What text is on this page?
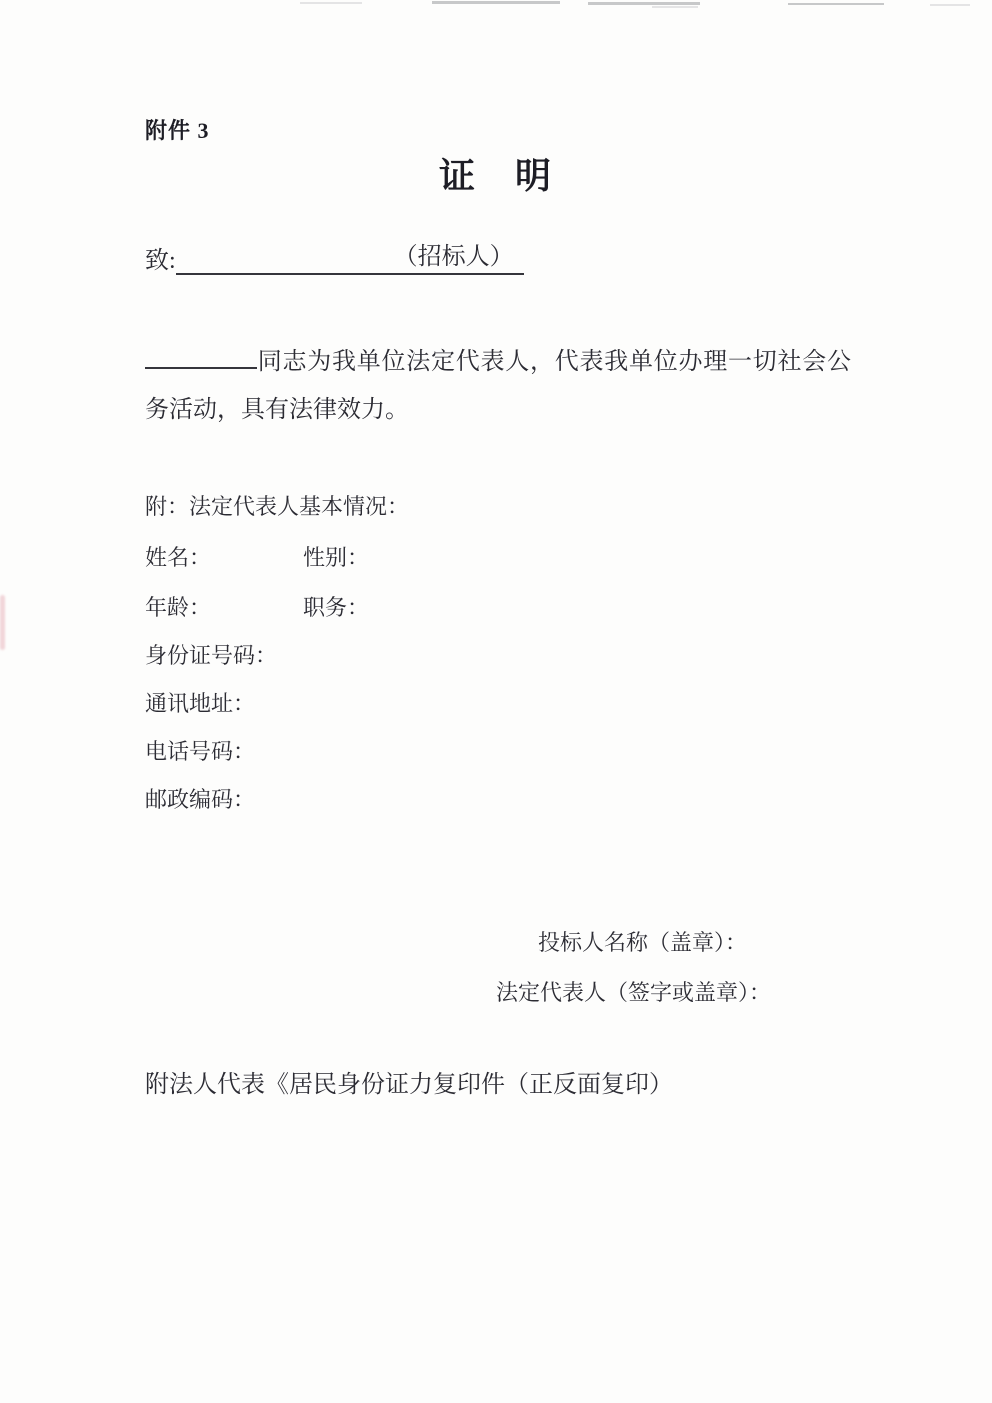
附件 3
证　明
致:	（招标人）

同志为我单位法定代表人，代表我单位办理一切社会公务活动，具有法律效力。

附：法定代表人基本情况：
姓名：	性别：
年龄：	职务：
身份证号码：
通讯地址：
电话号码：
邮政编码：
投标人名称（盖章）：
法定代表人（签字或盖章）：
附法人代表《居民身份证力复印件（正反面复印）
